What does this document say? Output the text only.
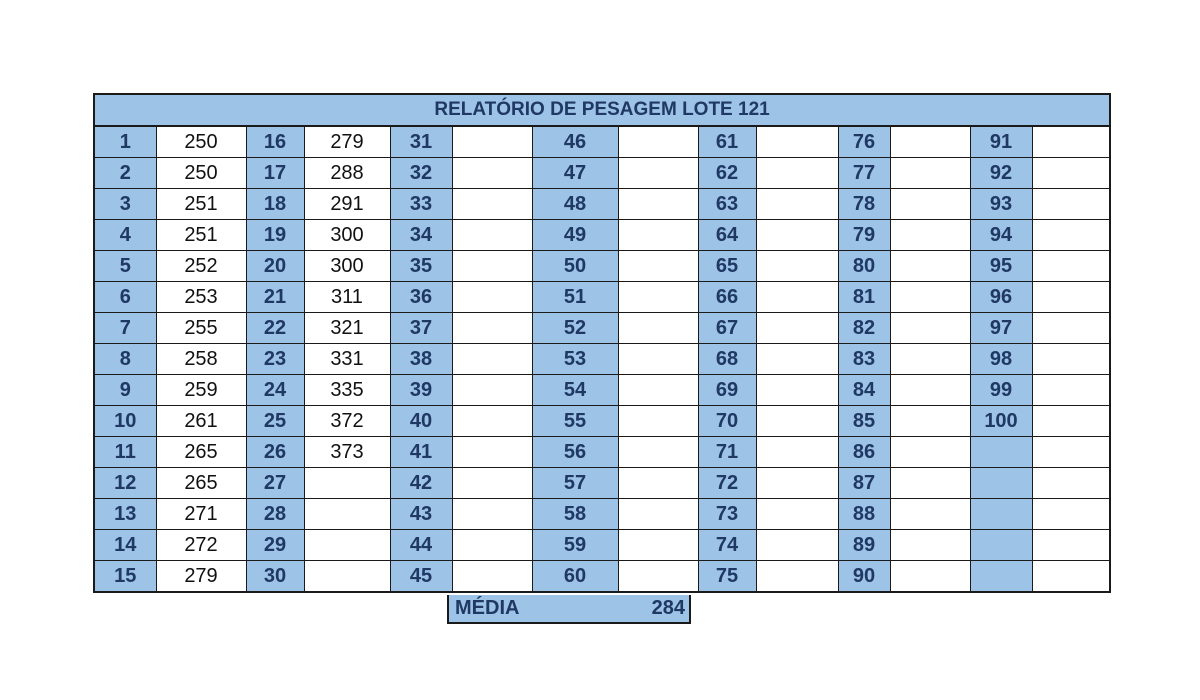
RELATÓRIO DE PESAGEM LOTE 121													
1	250	16	279	31		46		61		76		91	
2	250	17	288	32		47		62		77		92	
3	251	18	291	33		48		63		78		93	
4	251	19	300	34		49		64		79		94	
5	252	20	300	35		50		65		80		95	
6	253	21	311	36		51		66		81		96	
7	255	22	321	37		52		67		82		97	
8	258	23	331	38		53		68		83		98	
9	259	24	335	39		54		69		84		99	
10	261	25	372	40		55		70		85		100	
11	265	26	373	41		56		71		86			
12	265	27		42		57		72		87			
13	271	28		43		58		73		88			
14	272	29		44		59		74		89			
15	279	30		45		60		75		90			
MÉDIA	284
